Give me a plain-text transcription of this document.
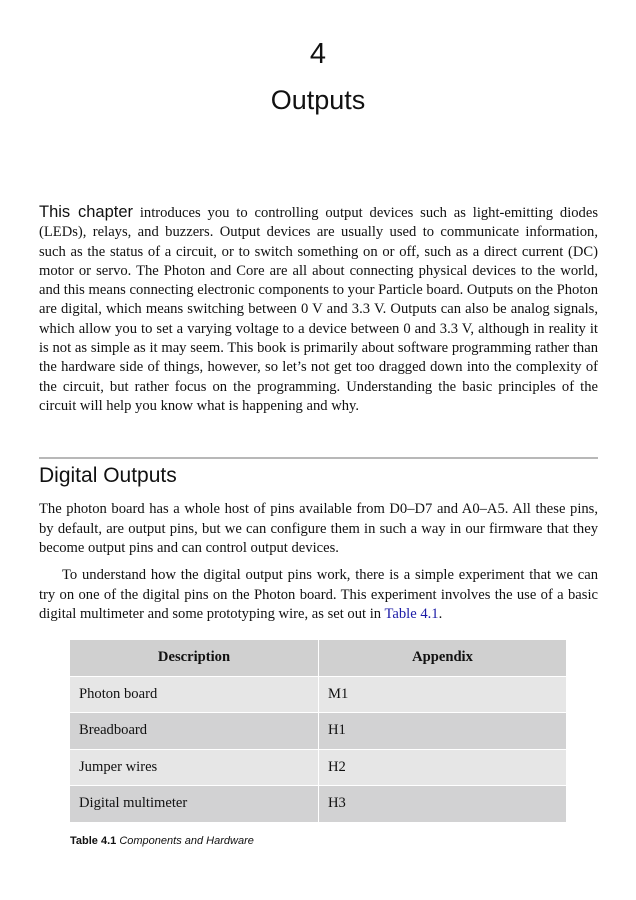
4
Outputs

This chapter introduces you to controlling output devices such as light-emitting diodes (LEDs), relays, and buzzers. Output devices are usually used to communicate information, such as the status of a circuit, or to switch something on or off, such as a direct current (DC) motor or servo. The Photon and Core are all about connecting physical devices to the world, and this means connecting electronic components to your Particle board. Outputs on the Photon are digital, which means switching between 0 V and 3.3 V. Outputs can also be analog signals, which allow you to set a varying voltage to a device between 0 and 3.3 V, although in reality it is not as simple as it may seem. This book is primarily about software programming rather than the hardware side of things, however, so let’s not get too dragged down into the complexity of the circuit, but rather focus on the programming. Understanding the basic principles of the circuit will help you know what is happening and why.

Digital Outputs

The photon board has a whole host of pins available from D0–D7 and A0–A5. All these pins, by default, are output pins, but we can configure them in such a way in our firmware that they become output pins and can control output devices.

To understand how the digital output pins work, there is a simple experiment that we can try on one of the digital pins on the Photon board. This experiment involves the use of a basic digital multimeter and some prototyping wire, as set out in Table 4.1.

Description	Appendix
Photon board	M1
Breadboard	H1
Jumper wires	H2
Digital multimeter	H3
Table 4.1 Components and Hardware
